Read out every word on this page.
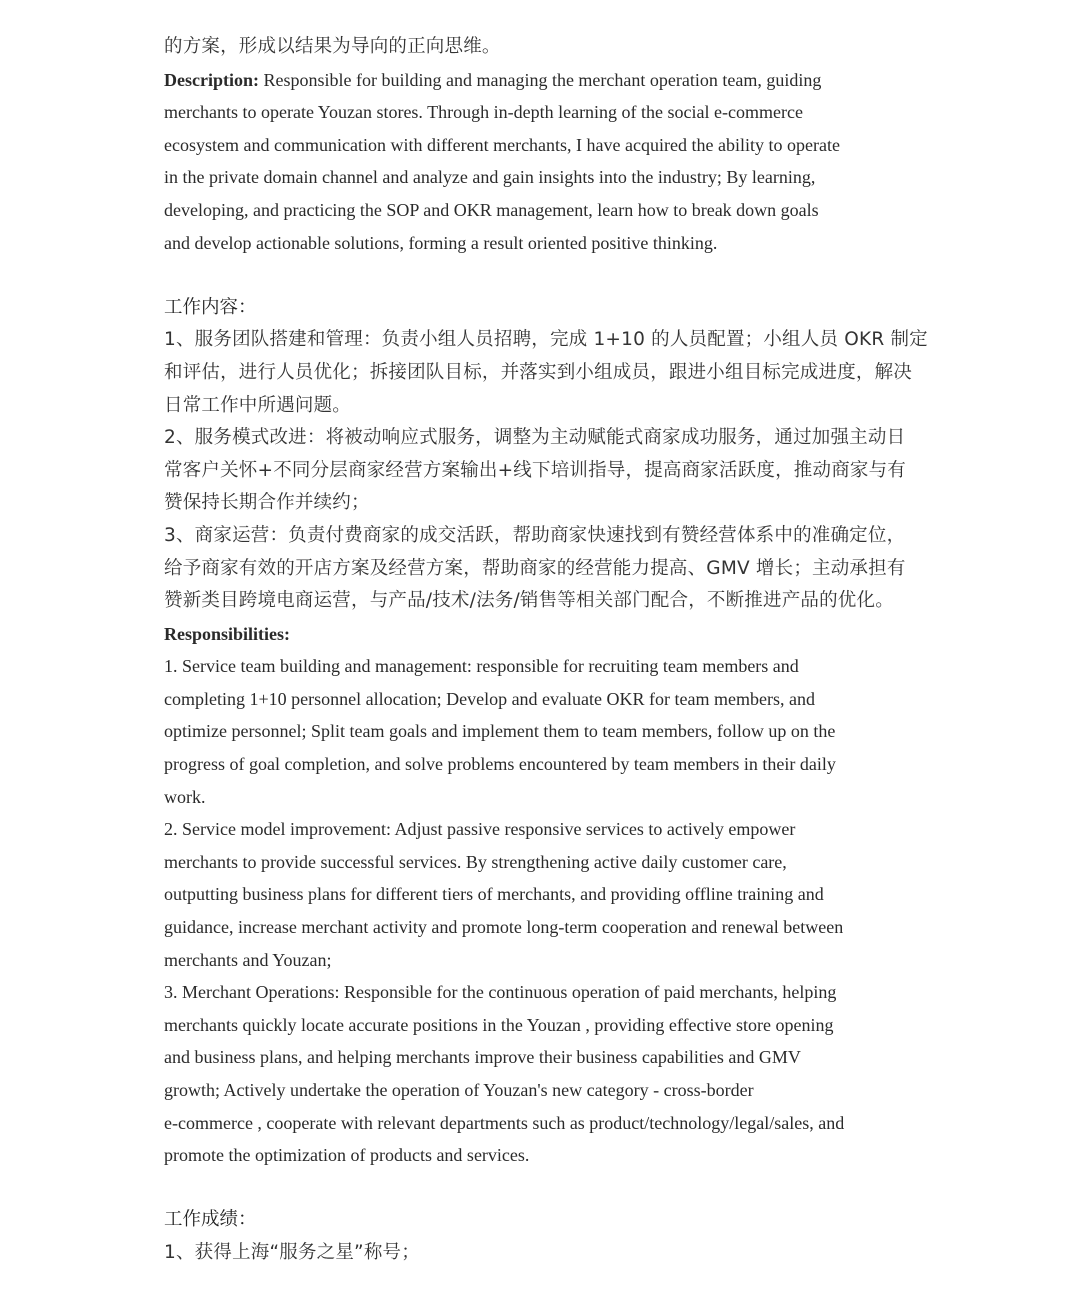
的方案，形成以结果为导向的正向思维。

Description: Responsible for building and managing the merchant operation team, guiding

merchants to operate Youzan stores. Through in-depth learning of the social e-commerce

ecosystem and communication with different merchants, I have acquired the ability to operate

in the private domain channel and analyze and gain insights into the industry; By learning,

developing, and practicing the SOP and OKR management, learn how to break down goals

and develop actionable solutions, forming a result oriented positive thinking.

工作内容：

1、服务团队搭建和管理：负责小组人员招聘，完成 1+10 的人员配置；小组人员 OKR 制定

和评估，进行人员优化；拆接团队目标，并落实到小组成员，跟进小组目标完成进度，解决

日常工作中所遇问题。

2、服务模式改进：将被动响应式服务，调整为主动赋能式商家成功服务，通过加强主动日

常客户关怀+不同分层商家经营方案输出+线下培训指导，提高商家活跃度，推动商家与有

赞保持长期合作并续约；

3、商家运营：负责付费商家的成交活跃，帮助商家快速找到有赞经营体系中的准确定位，

给予商家有效的开店方案及经营方案，帮助商家的经营能力提高、GMV 增长；主动承担有

赞新类目跨境电商运营，与产品/技术/法务/销售等相关部门配合，不断推进产品的优化。

Responsibilities:

1. Service team building and management: responsible for recruiting team members and

completing 1+10 personnel allocation; Develop and evaluate OKR for team members, and

optimize personnel; Split team goals and implement them to team members, follow up on the

progress of goal completion, and solve problems encountered by team members in their daily

work.

2. Service model improvement: Adjust passive responsive services to actively empower

merchants to provide successful services. By strengthening active daily customer care,

outputting business plans for different tiers of merchants, and providing offline training and

guidance, increase merchant activity and promote long-term cooperation and renewal between

merchants and Youzan;

3. Merchant Operations: Responsible for the continuous operation of paid merchants, helping

merchants quickly locate accurate positions in the Youzan , providing effective store opening

and business plans, and helping merchants improve their business capabilities and GMV

growth; Actively undertake the operation of Youzan's new category - cross-border

e-commerce , cooperate with relevant departments such as product/technology/legal/sales, and

promote the optimization of products and services.

工作成绩：

1、获得上海“服务之星”称号；
